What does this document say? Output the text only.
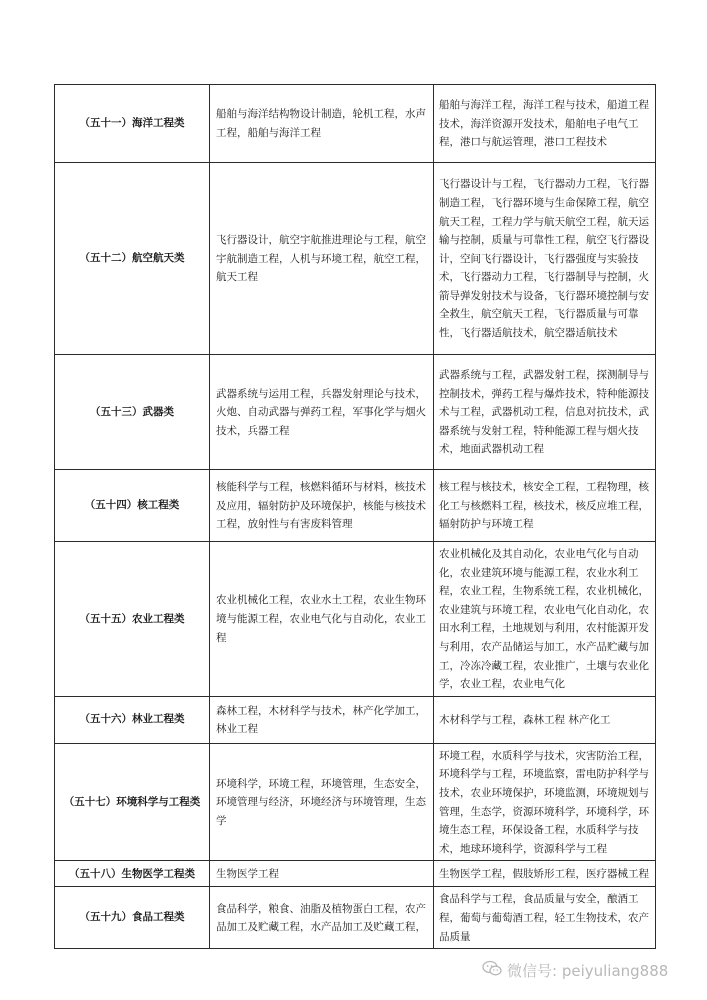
（五十一）海洋工程类	船舶与海洋结构物设计制造，轮机工程，水声工程，船舶与海洋工程	船舶与海洋工程，海洋工程与技术，船道工程技术，海洋资源开发技术，船舶电子电气工程，港口与航运管理，港口工程技术
（五十二）航空航天类	飞行器设计，航空宇航推进理论与工程，航空宇航制造工程，人机与环境工程，航空工程，航天工程	飞行器设计与工程，飞行器动力工程，飞行器制造工程，飞行器环境与生命保障工程，航空航天工程，工程力学与航天航空工程，航天运输与控制，质量与可靠性工程，航空飞行器设计，空间飞行器设计，飞行器强度与实验技术，飞行器动力工程，飞行器制导与控制，火箭导弹发射技术与设备，飞行器环境控制与安全救生，航空航天工程，飞行器质量与可靠性，飞行器适航技术，航空器适航技术
（五十三）武器类	武器系统与运用工程，兵器发射理论与技术，火炮、自动武器与弹药工程，军事化学与烟火技术，兵器工程	武器系统与工程，武器发射工程，探测制导与控制技术，弹药工程与爆炸技术，特种能源技术与工程，武器机动工程，信息对抗技术，武器系统与发射工程，特种能源工程与烟火技术，地面武器机动工程
（五十四）核工程类	核能科学与工程，核燃料循环与材料，核技术及应用，辐射防护及环境保护，核能与核技术工程，放射性与有害废料管理	核工程与核技术，核安全工程，工程物理，核化工与核燃料工程，核技术，核反应堆工程，辐射防护与环境工程
（五十五）农业工程类	农业机械化工程，农业水土工程，农业生物环境与能源工程，农业电气化与自动化，农业工程	农业机械化及其自动化，农业电气化与自动化，农业建筑环境与能源工程，农业水利工程，农业工程，生物系统工程，农业机械化，农业建筑与环境工程，农业电气化自动化，农田水利工程，土地规划与利用，农村能源开发与利用，农产品储运与加工，水产品贮藏与加工，冷冻冷藏工程，农业推广，土壤与农业化学，农业工程，农业电气化
（五十六）林业工程类	森林工程，木材科学与技术，林产化学加工，林业工程	木材科学与工程，森林工程 林产化工
（五十七）环境科学与工程类	环境科学，环境工程，环境管理，生态安全，环境管理与经济，环境经济与环境管理，生态学	环境工程，水质科学与技术，灾害防治工程，环境科学与工程，环境监察，雷电防护科学与技术，农业环境保护，环境监测，环境规划与管理，生态学，资源环境科学，环境科学，环境生态工程，环保设备工程，水质科学与技术，地球环境科学，资源科学与工程
（五十八）生物医学工程类	生物医学工程	生物医学工程，假肢矫形工程，医疗器械工程
（五十九）食品工程类	食品科学，粮食、油脂及植物蛋白工程，农产品加工及贮藏工程，水产品加工及贮藏工程，	食品科学与工程，食品质量与安全，酿酒工程，葡萄与葡萄酒工程，轻工生物技术，农产品质量
微信号: peiyuliang888
